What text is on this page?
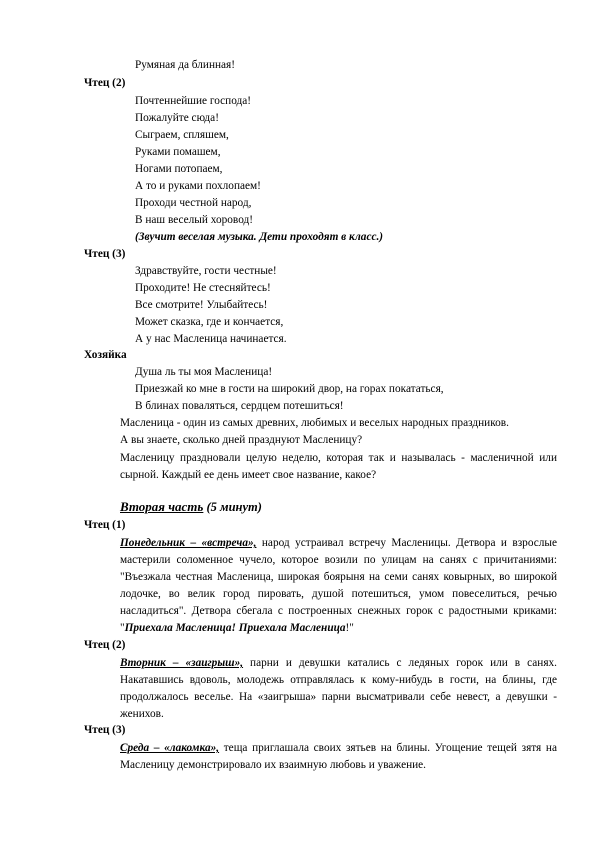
Румяная да блинная!
Чтец (2)
Почтеннейшие господа!
Пожалуйте сюда!
Сыграем, спляшем,
Руками помашем,
Ногами потопаем,
А то и руками похлопаем!
Проходи честной народ,
В наш веселый хоровод!
(Звучит веселая музыка. Дети проходят в класс.)
Чтец (3)
Здравствуйте, гости честные!
Проходите! Не стесняйтесь!
Все смотрите! Улыбайтесь!
Может сказка, где и кончается,
А у нас Масленица начинается.
Хозяйка
Душа ль ты моя Масленица!
Приезжай ко мне в гости на широкий двор, на горах покататься,
В блинах поваляться, сердцем потешиться!
Масленица - один из самых древних, любимых и веселых народных праздников.
А вы знаете, сколько дней празднуют Масленицу?
Масленицу праздновали целую неделю, которая так и называлась - масленичной или сырной. Каждый ее день имеет свое название, какое?
Вторая часть (5 минут)
Чтец (1)
Понедельник – «встреча», народ устраивал встречу Масленицы. Детвора и взрослые мастерили соломенное чучело, которое возили по улицам на санях с причитаниями: "Въезжала честная Масленица, широкая боярыня на семи санях ковырных, во широкой лодочке, во велик город пировать, душой потешиться, умом повеселиться, речью насладиться". Детвора сбегала с построенных снежных горок с радостными криками: "Приехала Масленица! Приехала Масленица!"
Чтец (2)
Вторник – «заигрыш», парни и девушки катались с ледяных горок или в санях. Накатавшись вдоволь, молодежь отправлялась к кому-нибудь в гости, на блины, где продолжалось веселье. На «заигрыша» парни высматривали себе невест, а девушки - женихов.
Чтец (3)
Среда – «лакомка», теща приглашала своих зятьев на блины. Угощение тещей зятя на Масленицу демонстрировало их взаимную любовь и уважение.
